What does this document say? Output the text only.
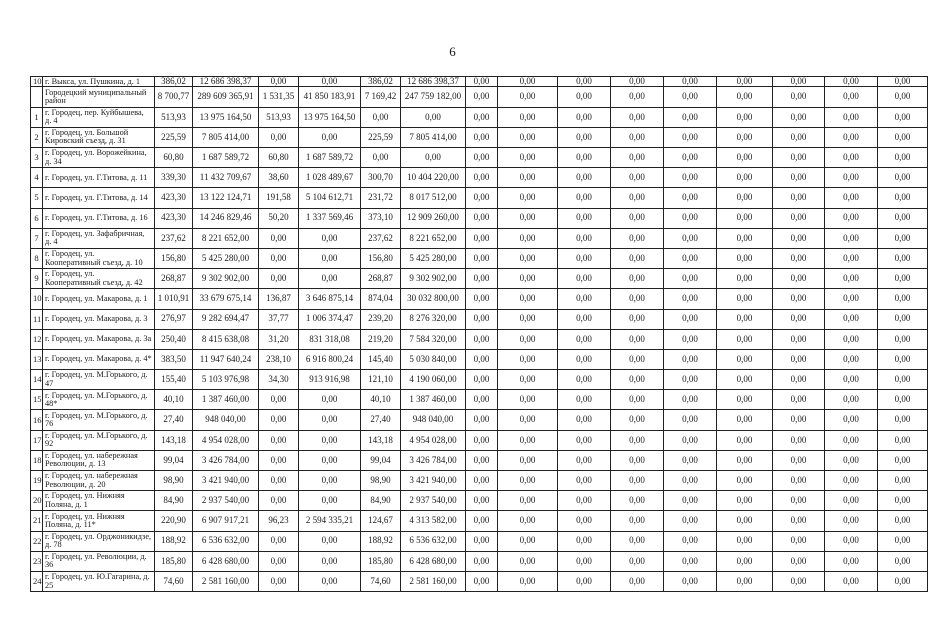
6
10	г. Выкса, ул. Пушкина, д. 1	386,02	12 686 398,37	0,00	0,00	386,02	12 686 398,37	0,00	0,00	0,00	0,00	0,00	0,00	0,00	0,00	0,00
	Городецкий муниципальный район	8 700,77	289 609 365,91	1 531,35	41 850 183,91	7 169,42	247 759 182,00	0,00	0,00	0,00	0,00	0,00	0,00	0,00	0,00	0,00
1	г. Городец, пер. Куйбышева, д. 4	513,93	13 975 164,50	513,93	13 975 164,50	0,00	0,00	0,00	0,00	0,00	0,00	0,00	0,00	0,00	0,00	0,00
2	г. Городец, ул. Большой Кировский съезд, д. 31	225,59	7 805 414,00	0,00	0,00	225,59	7 805 414,00	0,00	0,00	0,00	0,00	0,00	0,00	0,00	0,00	0,00
3	г. Городец, ул. Ворожейкина, д. 34	60,80	1 687 589,72	60,80	1 687 589,72	0,00	0,00	0,00	0,00	0,00	0,00	0,00	0,00	0,00	0,00	0,00
4	г. Городец, ул. Г.Титова, д. 11	339,30	11 432 709,67	38,60	1 028 489,67	300,70	10 404 220,00	0,00	0,00	0,00	0,00	0,00	0,00	0,00	0,00	0,00
5	г. Городец, ул. Г.Титова, д. 14	423,30	13 122 124,71	191,58	5 104 612,71	231,72	8 017 512,00	0,00	0,00	0,00	0,00	0,00	0,00	0,00	0,00	0,00
6	г. Городец, ул. Г.Титова, д. 16	423,30	14 246 829,46	50,20	1 337 569,46	373,10	12 909 260,00	0,00	0,00	0,00	0,00	0,00	0,00	0,00	0,00	0,00
7	г. Городец, ул. Зафабричная, д. 4	237,62	8 221 652,00	0,00	0,00	237,62	8 221 652,00	0,00	0,00	0,00	0,00	0,00	0,00	0,00	0,00	0,00
8	г. Городец, ул. Кооперативный съезд, д. 10	156,80	5 425 280,00	0,00	0,00	156,80	5 425 280,00	0,00	0,00	0,00	0,00	0,00	0,00	0,00	0,00	0,00
9	г. Городец, ул. Кооперативный съезд, д. 42	268,87	9 302 902,00	0,00	0,00	268,87	9 302 902,00	0,00	0,00	0,00	0,00	0,00	0,00	0,00	0,00	0,00
10	г. Городец, ул. Макарова, д. 1	1 010,91	33 679 675,14	136,87	3 646 875,14	874,04	30 032 800,00	0,00	0,00	0,00	0,00	0,00	0,00	0,00	0,00	0,00
11	г. Городец, ул. Макарова, д. 3	276,97	9 282 694,47	37,77	1 006 374,47	239,20	8 276 320,00	0,00	0,00	0,00	0,00	0,00	0,00	0,00	0,00	0,00
12	г. Городец, ул. Макарова, д. 3а	250,40	8 415 638,08	31,20	831 318,08	219,20	7 584 320,00	0,00	0,00	0,00	0,00	0,00	0,00	0,00	0,00	0,00
13	г. Городец, ул. Макарова, д. 4*	383,50	11 947 640,24	238,10	6 916 800,24	145,40	5 030 840,00	0,00	0,00	0,00	0,00	0,00	0,00	0,00	0,00	0,00
14	г. Городец, ул. М.Горького, д. 47	155,40	5 103 976,98	34,30	913 916,98	121,10	4 190 060,00	0,00	0,00	0,00	0,00	0,00	0,00	0,00	0,00	0,00
15	г. Городец, ул. М.Горького, д. 48*	40,10	1 387 460,00	0,00	0,00	40,10	1 387 460,00	0,00	0,00	0,00	0,00	0,00	0,00	0,00	0,00	0,00
16	г. Городец, ул. М.Горького, д. 76	27,40	948 040,00	0,00	0,00	27,40	948 040,00	0,00	0,00	0,00	0,00	0,00	0,00	0,00	0,00	0,00
17	г. Городец, ул. М.Горького, д. 92	143,18	4 954 028,00	0,00	0,00	143,18	4 954 028,00	0,00	0,00	0,00	0,00	0,00	0,00	0,00	0,00	0,00
18	г. Городец, ул. набережная Революции, д. 13	99,04	3 426 784,00	0,00	0,00	99,04	3 426 784,00	0,00	0,00	0,00	0,00	0,00	0,00	0,00	0,00	0,00
19	г. Городец, ул. набережная Революции, д. 20	98,90	3 421 940,00	0,00	0,00	98,90	3 421 940,00	0,00	0,00	0,00	0,00	0,00	0,00	0,00	0,00	0,00
20	г. Городец, ул. Нижняя Поляна, д. 1	84,90	2 937 540,00	0,00	0,00	84,90	2 937 540,00	0,00	0,00	0,00	0,00	0,00	0,00	0,00	0,00	0,00
21	г. Городец, ул. Нижняя Поляна, д. 11*	220,90	6 907 917,21	96,23	2 594 335,21	124,67	4 313 582,00	0,00	0,00	0,00	0,00	0,00	0,00	0,00	0,00	0,00
22	г. Городец, ул. Орджоникидзе, д. 78	188,92	6 536 632,00	0,00	0,00	188,92	6 536 632,00	0,00	0,00	0,00	0,00	0,00	0,00	0,00	0,00	0,00
23	г. Городец, ул. Революции, д. 36	185,80	6 428 680,00	0,00	0,00	185,80	6 428 680,00	0,00	0,00	0,00	0,00	0,00	0,00	0,00	0,00	0,00
24	г. Городец, ул. Ю.Гагарина, д. 25	74,60	2 581 160,00	0,00	0,00	74,60	2 581 160,00	0,00	0,00	0,00	0,00	0,00	0,00	0,00	0,00	0,00
